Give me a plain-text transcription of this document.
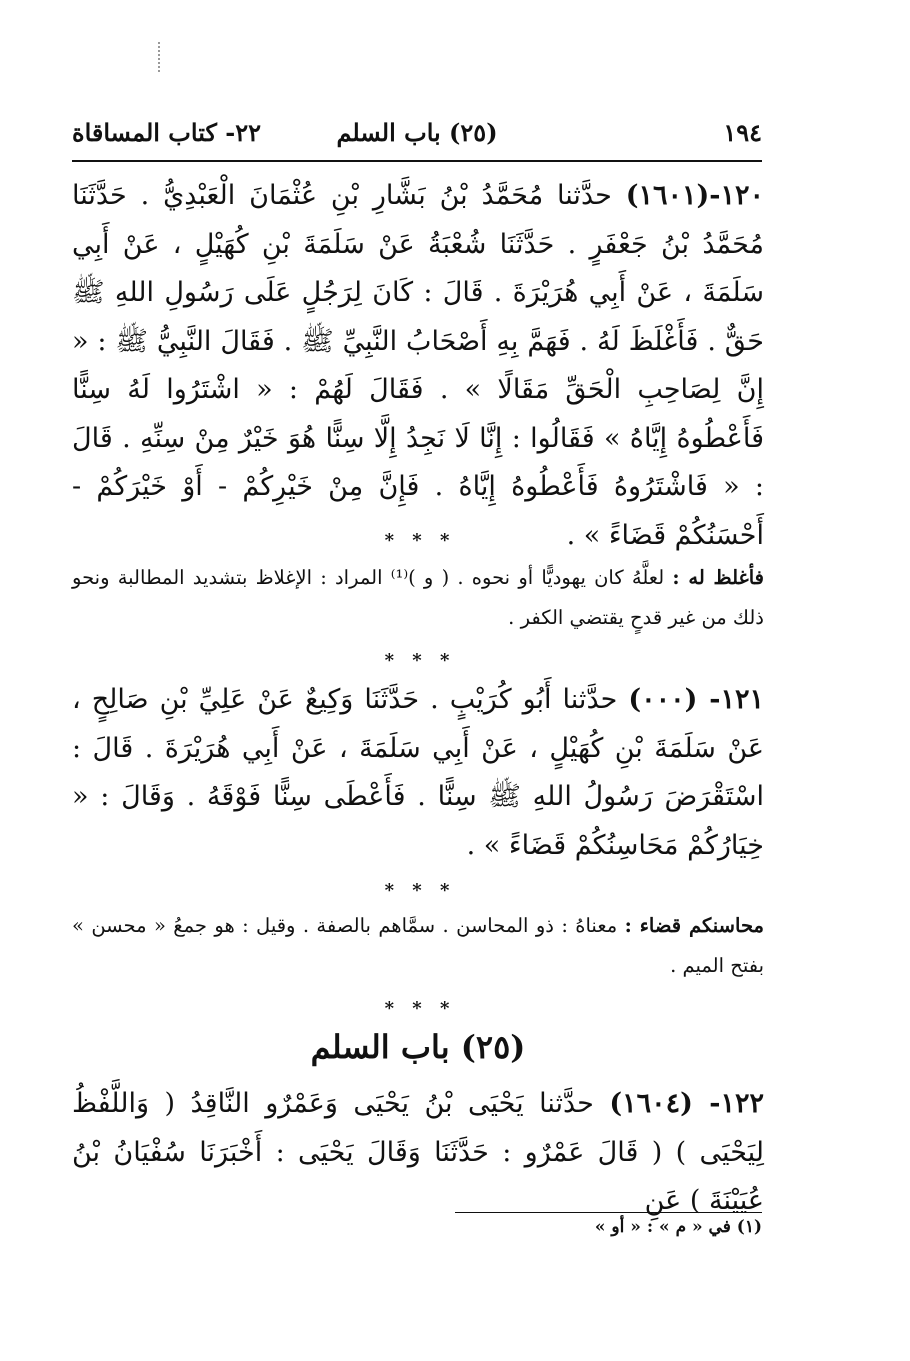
١٩٤
(٢٥) باب السلم
٢٢- كتاب المساقاة
١٢٠-(١٦٠١) حدَّثنا مُحَمَّدُ بْنُ بَشَّارِ بْنِ عُثْمَانَ الْعَبْدِيُّ . حَدَّثَنَا مُحَمَّدُ بْنُ جَعْفَرٍ . حَدَّثَنَا شُعْبَةُ عَنْ سَلَمَةَ بْنِ كُهَيْلٍ ، عَنْ أَبِي سَلَمَةَ ، عَنْ أَبِي هُرَيْرَةَ . قَالَ : كَانَ لِرَجُلٍ عَلَى رَسُولِ اللهِ ﷺ حَقٌّ . فَأَغْلَظَ لَهُ . فَهَمَّ بِهِ أَصْحَابُ النَّبِيِّ ﷺ . فَقَالَ النَّبِيُّ ﷺ : « إِنَّ لِصَاحِبِ الْحَقِّ مَقَالًا » . فَقَالَ لَهُمْ : « اشْتَرُوا لَهُ سِنًّا فَأَعْطُوهُ إِيَّاهُ » فَقَالُوا : إِنَّا لَا نَجِدُ إِلَّا سِنًّا هُوَ خَيْرٌ مِنْ سِنِّهِ . قَالَ : « فَاشْتَرُوهُ فَأَعْطُوهُ إِيَّاهُ . فَإِنَّ مِنْ خَيْرِكُمْ - أَوْ خَيْرَكُمْ - أَحْسَنُكُمْ قَضَاءً » .
* * *
فأغلظ له : لعلَّهُ كان يهوديًّا أو نحوه . ( و )⁽¹⁾ المراد : الإغلاظ بتشديد المطالبة ونحو ذلك من غير قدحٍ يقتضي الكفر .
* * *
١٢١- (٠٠٠) حدَّثنا أَبُو كُرَيْبٍ . حَدَّثَنَا وَكِيعٌ عَنْ عَلِيِّ بْنِ صَالِحٍ ، عَنْ سَلَمَةَ بْنِ كُهَيْلٍ ، عَنْ أَبِي سَلَمَةَ ، عَنْ أَبِي هُرَيْرَةَ . قَالَ : اسْتَقْرَضَ رَسُولُ اللهِ ﷺ سِنًّا . فَأَعْطَى سِنًّا فَوْقَهُ . وَقَالَ : « خِيَارُكُمْ مَحَاسِنُكُمْ قَضَاءً » .
* * *
محاسنكم قضاء : معناهُ : ذو المحاسن . سمَّاهم بالصفة . وقيل : هو جمعُ « محسن » بفتح الميم .
* * *
(٢٥) باب السلم
١٢٢- (١٦٠٤) حدَّثنا يَحْيَى بْنُ يَحْيَى وَعَمْرٌو النَّاقِدُ ( وَاللَّفْظُ لِيَحْيَى ) ( قَالَ عَمْرٌو : حَدَّثَنَا وَقَالَ يَحْيَى : أَخْبَرَنَا سُفْيَانُ بْنُ عُيَيْنَةَ ) عَنِ
(١) في « م » : « أو »
